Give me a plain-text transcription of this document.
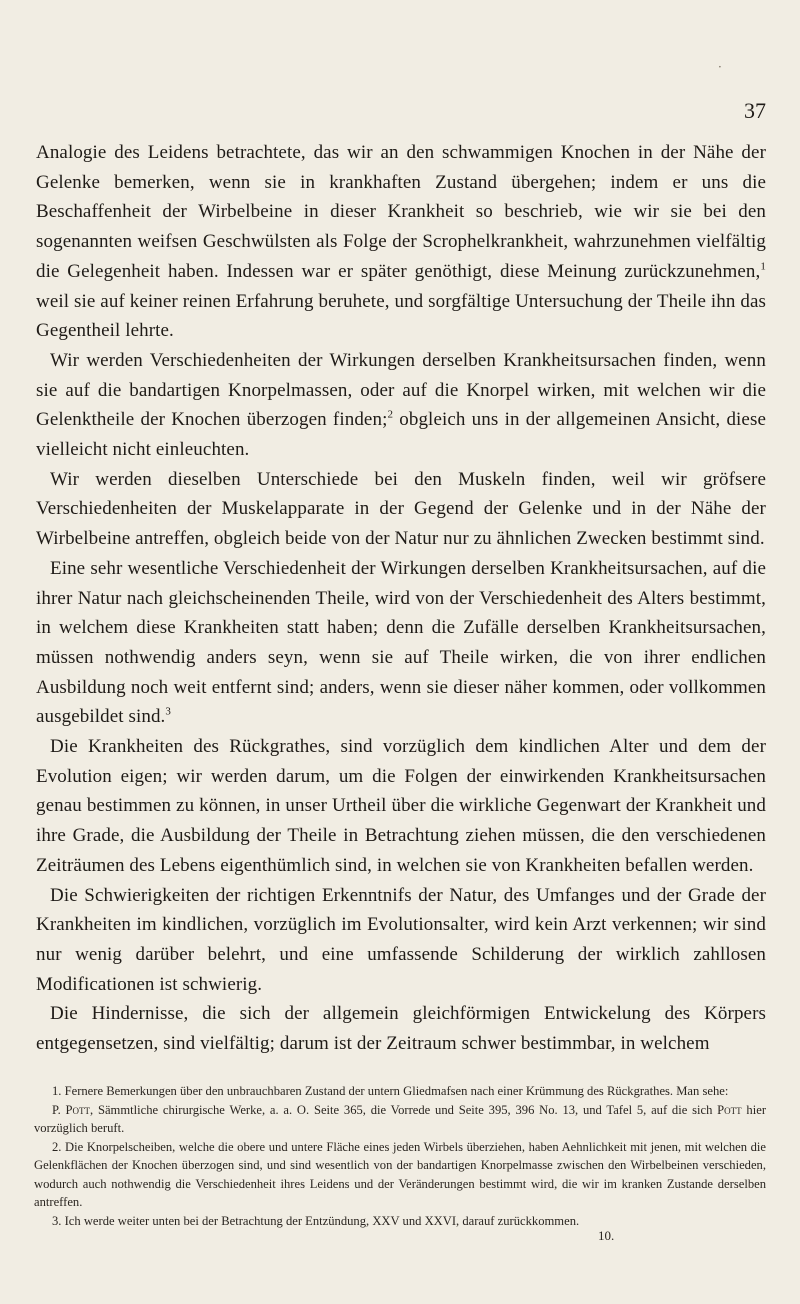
·
37

Analogie des Leidens betrachtete, das wir an den schwammigen Knochen in der Nähe der Gelenke bemerken, wenn sie in krankhaften Zustand übergehen; indem er uns die Beschaffenheit der Wirbelbeine in dieser Krankheit so beschrieb, wie wir sie bei den sogenannten weifsen Geschwülsten als Folge der Scrophelkrankheit, wahrzunehmen vielfältig die Gelegenheit haben. Indessen war er später genöthigt, diese Meinung zurückzunehmen,$^1$ weil sie auf keiner reinen Erfahrung beruhete, und sorgfältige Untersuchung der Theile ihn das Gegentheil lehrte.

Wir werden Verschiedenheiten der Wirkungen derselben Krankheitsursachen finden, wenn sie auf die bandartigen Knorpelmassen, oder auf die Knorpel wirken, mit welchen wir die Gelenktheile der Knochen überzogen finden;$^2$ obgleich uns in der allgemeinen Ansicht, diese vielleicht nicht einleuchten.

Wir werden dieselben Unterschiede bei den Muskeln finden, weil wir gröfsere Verschiedenheiten der Muskelapparate in der Gegend der Gelenke und in der Nähe der Wirbelbeine antreffen, obgleich beide von der Natur nur zu ähnlichen Zwecken bestimmt sind.

Eine sehr wesentliche Verschiedenheit der Wirkungen derselben Krankheitsursachen, auf die ihrer Natur nach gleichscheinenden Theile, wird von der Verschiedenheit des Alters bestimmt, in welchem diese Krankheiten statt haben; denn die Zufälle derselben Krankheitsursachen, müssen nothwendig anders seyn, wenn sie auf Theile wirken, die von ihrer endlichen Ausbildung noch weit entfernt sind; anders, wenn sie dieser näher kommen, oder vollkommen ausgebildet sind.$^3$

Die Krankheiten des Rückgrathes, sind vorzüglich dem kindlichen Alter und dem der Evolution eigen; wir werden darum, um die Folgen der einwirkenden Krankheitsursachen genau bestimmen zu können, in unser Urtheil über die wirkliche Gegenwart der Krankheit und ihre Grade, die Ausbildung der Theile in Betrachtung ziehen müssen, die den verschiedenen Zeiträumen des Lebens eigenthümlich sind, in welchen sie von Krankheiten befallen werden.

Die Schwierigkeiten der richtigen Erkenntnifs der Natur, des Umfanges und der Grade der Krankheiten im kindlichen, vorzüglich im Evolutionsalter, wird kein Arzt verkennen; wir sind nur wenig darüber belehrt, und eine umfassende Schilderung der wirklich zahllosen Modificationen ist schwierig.

Die Hindernisse, die sich der allgemein gleichförmigen Entwickelung des Körpers entgegensetzen, sind vielfältig; darum ist der Zeitraum schwer bestimmbar, in welchem

1. Fernere Bemerkungen über den unbrauchbaren Zustand der untern Gliedmafsen nach einer Krümmung des Rückgrathes. Man sehe:

P. Pott, Sämmtliche chirurgische Werke, a. a. O. Seite 365, die Vorrede und Seite 395, 396 No. 13, und Tafel 5, auf die sich Pott hier vorzüglich beruft.

2. Die Knorpelscheiben, welche die obere und untere Fläche eines jeden Wirbels überziehen, haben Aehnlichkeit mit jenen, mit welchen die Gelenkflächen der Knochen überzogen sind, und sind wesentlich von der bandartigen Knorpelmasse zwischen den Wirbelbeinen verschieden, wodurch auch nothwendig die Verschiedenheit ihres Leidens und der Veränderungen bestimmt wird, die wir im kranken Zustande derselben antreffen.

3. Ich werde weiter unten bei der Betrachtung der Entzündung, XXV und XXVI, darauf zurückkommen.

10.
